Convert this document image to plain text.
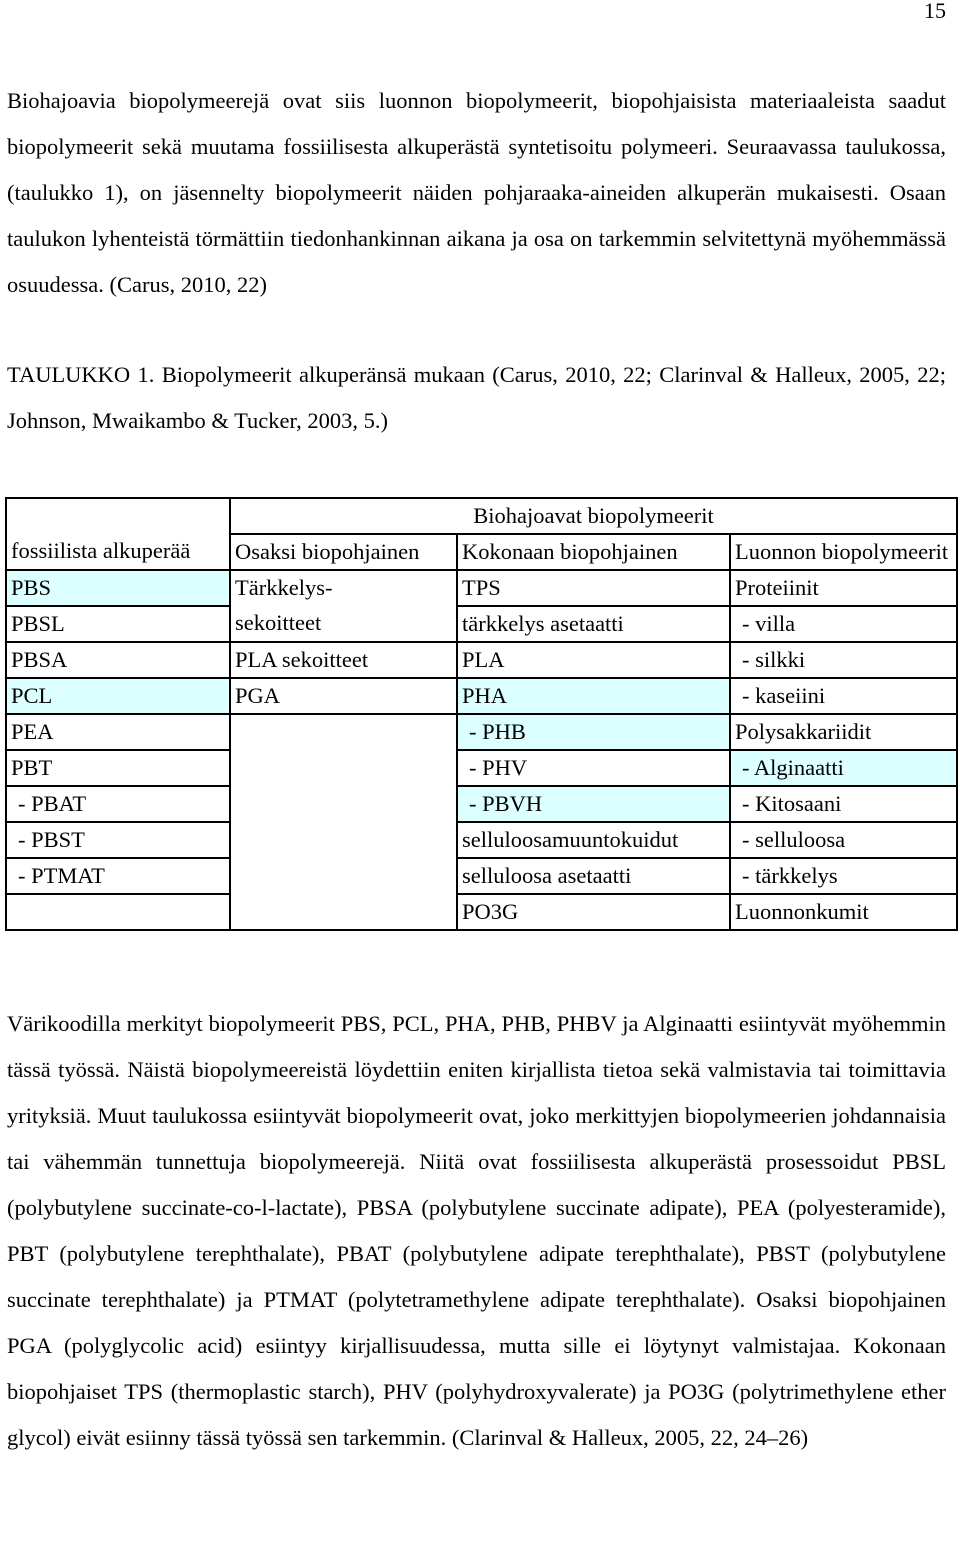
15

Biohajoavia biopolymeerejä ovat siis luonnon biopolymeerit, biopohjaisista materiaaleista saadut biopolymeerit sekä muutama fossiilisesta alkuperästä syntetisoitu polymeeri. Seuraavassa taulukossa, (taulukko 1), on jäsennelty biopolymeerit näiden pohjaraaka-aineiden alkuperän mukaisesti. Osaan taulukon lyhenteistä törmättiin tiedonhankinnan aikana ja osa on tarkemmin selvitettynä myöhemmässä osuudessa. (Carus, 2010, 22)

TAULUKKO 1. Biopolymeerit alkuperänsä mukaan (Carus, 2010, 22; Clarinval & Halleux, 2005, 22; Johnson, Mwaikambo & Tucker, 2003, 5.)

	Biohajoavat biopolymeerit		
fossiilista alkuperää	Osaksi biopohjainen	Kokonaan biopohjainen	Luonnon biopolymeerit
PBS	Tärkkelys-	TPS	Proteiinit
PBSL	sekoitteet	tärkkelys asetaatti	- villa
PBSA	PLA sekoitteet	PLA	- silkki
PCL	PGA	PHA	- kaseiini
PEA		- PHB	Polysakkariidit
PBT		- PHV	- Alginaatti
- PBAT		- PBVH	- Kitosaani
- PBST		selluloosamuuntokuidut	- selluloosa
- PTMAT		selluloosa asetaatti	- tärkkelys
		PO3G	Luonnonkumit

Värikoodilla merkityt biopolymeerit PBS, PCL, PHA, PHB, PHBV ja Alginaatti esiintyvät myöhemmin tässä työssä. Näistä biopolymeereistä löydettiin eniten kirjallista tietoa sekä valmistavia tai toimittavia yrityksiä. Muut taulukossa esiintyvät biopolymeerit ovat, joko merkittyjen biopolymeerien johdannaisia tai vähemmän tunnettuja biopolymeerejä. Niitä ovat fossiilisesta alkuperästä prosessoidut PBSL (polybutylene succinate-co-l-lactate), PBSA (polybutylene succinate adipate), PEA (polyesteramide), PBT (polybutylene terephthalate), PBAT (polybutylene adipate terephthalate), PBST (polybutylene succinate terephthalate) ja PTMAT (polytetramethylene adipate terephthalate). Osaksi biopohjainen PGA (polyglycolic acid) esiintyy kirjallisuudessa, mutta sille ei löytynyt valmistajaa. Kokonaan biopohjaiset TPS (thermoplastic starch), PHV (polyhydroxyvalerate) ja PO3G (polytrimethylene ether glycol) eivät esiinny tässä työssä sen tarkemmin. (Clarinval & Halleux, 2005, 22, 24–26)
